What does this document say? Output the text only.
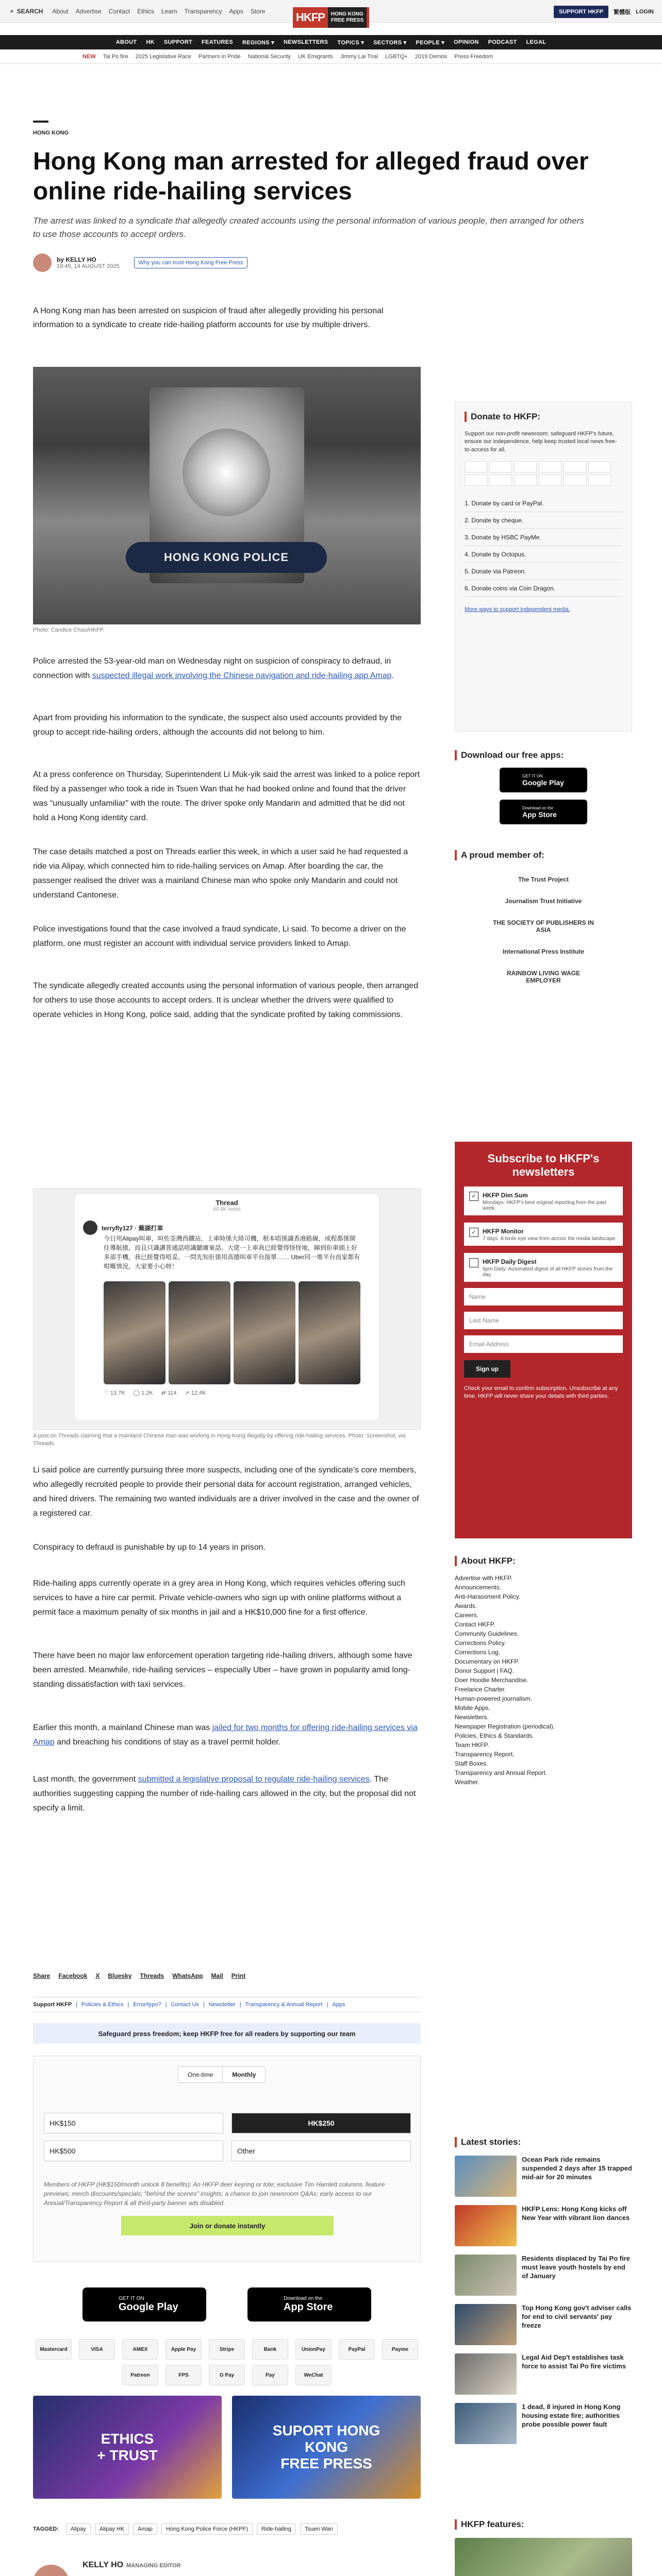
⌕ SEARCH About Advertise Contact Ethics Learn Transparency Apps Store	HKFP	HONG KONG
FREE PRESS
SUPPORT HKFP	繁體版 LOGIN
ABOUT HK SUPPORT FEATURES REGIONS ▾ NEWSLETTERS TOPICS ▾ SECTORS ▾ PEOPLE ▾ OPINION PODCAST LEGAL
NEW Tai Po fire 2025 Legislative Race Partners in Pride National Security UK Emigrants Jimmy Lai Trial LGBTQ+ 2019 Demos Press Freedom
HONG KONG
Hong Kong man arrested for alleged fraud over online ride-hailing services
The arrest was linked to a syndicate that allegedly created accounts using the personal information of various people, then arranged for others to use those accounts to accept orders.
by KELLY HO
19:45, 14 AUGUST 2025
Why you can trust Hong Kong Free Press

A Hong Kong man has been arrested on suspicion of fraud after allegedly providing his personal information to a syndicate to create ride-hailing platform accounts for use by multiple drivers.

HONG KONG POLICE
Photo: Candice Chau/HKFP.

Police arrested the 53-year-old man on Wednesday night on suspicion of conspiracy to defraud, in connection with suspected illegal work involving the Chinese navigation and ride-hailing app Amap.

Apart from providing his information to the syndicate, the suspect also used accounts provided by the group to accept ride-hailing orders, although the accounts did not belong to him.

At a press conference on Thursday, Superintendent Li Muk-yik said the arrest was linked to a police report filed by a passenger who took a ride in Tsuen Wan that he had booked online and found that the driver was “unusually unfamiliar” with the route. The driver spoke only Mandarin and admitted that he did not hold a Hong Kong identity card.

The case details matched a post on Threads earlier this week, in which a user said he had requested a ride via Alipay, which connected him to ride-hailing services on Amap. After boarding the car, the passenger realised the driver was a mainland Chinese man who spoke only Mandarin and could not understand Cantonese.

Police investigations found that the case involved a fraud syndicate, Li said. To become a driver on the platform, one must register an account with individual service providers linked to Amap.

The syndicate allegedly created accounts using the personal information of various people, then arranged for others to use those accounts to accept orders. It is unclear whether the drivers were qualified to operate vehicles in Hong Kong, police said, adding that the syndicate profited by taking commissions.

Thread
40.4K views
terryfly127 · 蕪湖打車
今日用Alipay叫車，叫佐荃灣西鐵站，上車時係大陸司機，根本唔係識香港路線，成程都係開住導航揸，而且只識講普通話唔識聽廣東話。大佬一上車我已經覺得怪怪地，睇到佢車頭上好多部手機，我已經覺得唔妥，一問先知佢係用高德叫車平台接單…… Uber同一堆平台而家都有咁嘅情況，大家要小心呀！
♡ 13.7K ◯ 1.2K ⇄ 114 ➚ 12.4K
A post on Threads claiming that a mainland Chinese man was working in Hong Kong illegally by offering ride-hailing services. Photo: Screenshot, via Threads.

Li said police are currently pursuing three more suspects, including one of the syndicate’s core members, who allegedly recruited people to provide their personal data for account registration, arranged vehicles, and hired drivers. The remaining two wanted individuals are a driver involved in the case and the owner of a registered car.

Conspiracy to defraud is punishable by up to 14 years in prison.

Ride-hailing apps currently operate in a grey area in Hong Kong, which requires vehicles offering such services to have a hire car permit. Private vehicle-owners who sign up with online platforms without a permit face a maximum penalty of six months in jail and a HK$10,000 fine for a first offence.

There have been no major law enforcement operation targeting ride-hailing drivers, although some have been arrested. Meanwhile, ride-hailing services – especially Uber – have grown in popularity amid long-standing dissatisfaction with taxi services.

Earlier this month, a mainland Chinese man was jailed for two months for offering ride-hailing services via Amap and breaching his conditions of stay as a travel permit holder.

Last month, the government submitted a legislative proposal to regulate ride-hailing services. The authorities suggesting capping the number of ride-hailing cars allowed in the city, but the proposal did not specify a limit.

Share Facebook X Bluesky Threads WhatsApp Mail Print
Support HKFP | Policies & Ethics | Error/typo? | Contact Us | Newsletter | Transparency & Annual Report | Apps
Safeguard press freedom; keep HKFP free for all readers by supporting our team
One-time	Monthly
HK$150	HK$250
HK$500	Other
Members of HKFP (HK$150/month unlock 8 benefits): An HKFP deer keyring or tote; exclusive Tim Hamlett columns, feature previews; merch discounts/specials; "behind the scenes" insights; a chance to join newsroom Q&As; early access to our Annual/Transparency Report & all third-party banner ads disabled.
Join or donate instantly
GET IT ON
Google Play
Download on the
App Store
Mastercard	VISA	AMEX	Apple Pay	Stripe	Bank	UnionPay	PayPal	Payme
Patreon	FPS	G Pay	Pay	WeChat
ETHICS
+ TRUST
SUPORT HONG
KONG
FREE PRESS
TAGGED:	Alipay	Alipay HK	Amap	Hong Kong Police Force (HKPF)	Ride-hailing	Tsuen Wan
KELLY HO MANAGING EDITOR

Donate to HKFP:

Support our non-profit newsroom: safeguard HKFP's future, ensure our independence, help keep trusted local news free-to-access for all.

1. Donate by card or PayPal.
2. Donate by cheque.
3. Donate by HSBC PayMe.
4. Donate by Octopus.
5. Donate via Patreon.
6. Donate coins via Coin Dragon.
More ways to support independent media.
Download our free apps:
GET IT ON
Google Play
Download on the
App Store
A proud member of:
The Trust Project
Journalism Trust Initiative
THE SOCIETY OF PUBLISHERS IN ASIA
International Press Institute
RAINBOW LIVING WAGE EMPLOYER
Subscribe to HKFP's newsletters
✓ HKFP Dim Sum

Mondays: HKFP's best original reporting from the past week.

✓ HKFP Monitor

7 days: A birds-eye view from across the media landscape.

HKFP Daily Digest

6pm Daily: Automated digest of all HKFP stories from the day.

Name
Last Name
Email Address
Sign up

Check your email to confirm subscription. Unsubscribe at any time. HKFP will never share your details with third parties.

About HKFP:
Advertise with HKFP.
Announcements.
Anti-Harassment Policy.
Awards.
Careers.
Contact HKFP.
Community Guidelines.
Corrections Policy.
Corrections Log.
Documentary on HKFP.
Donor Support | FAQ.
Doer Hoodie Merchandise.
Freelance Charter.
Human-powered journalism.
Mobile Apps.
Newsletters.
Newspaper Registration (periodical).
Policies, Ethics & Standards.
Team HKFP.
Transparency Report.
Staff Boxes.
Transparency and Annual Report.
Weather.
Latest stories:
Ocean Park ride remains suspended 2 days after 15 trapped mid-air for 20 minutes
HKFP Lens: Hong Kong kicks off New Year with vibrant lion dances
Residents displaced by Tai Po fire must leave youth hostels by end of January
Top Hong Kong gov't adviser calls for end to civil servants' pay freeze
Legal Aid Dep't establishes task force to assist Tai Po fire victims
1 dead, 8 injured in Hong Kong housing estate fire; authorities probe possible power fault
HKFP features:
